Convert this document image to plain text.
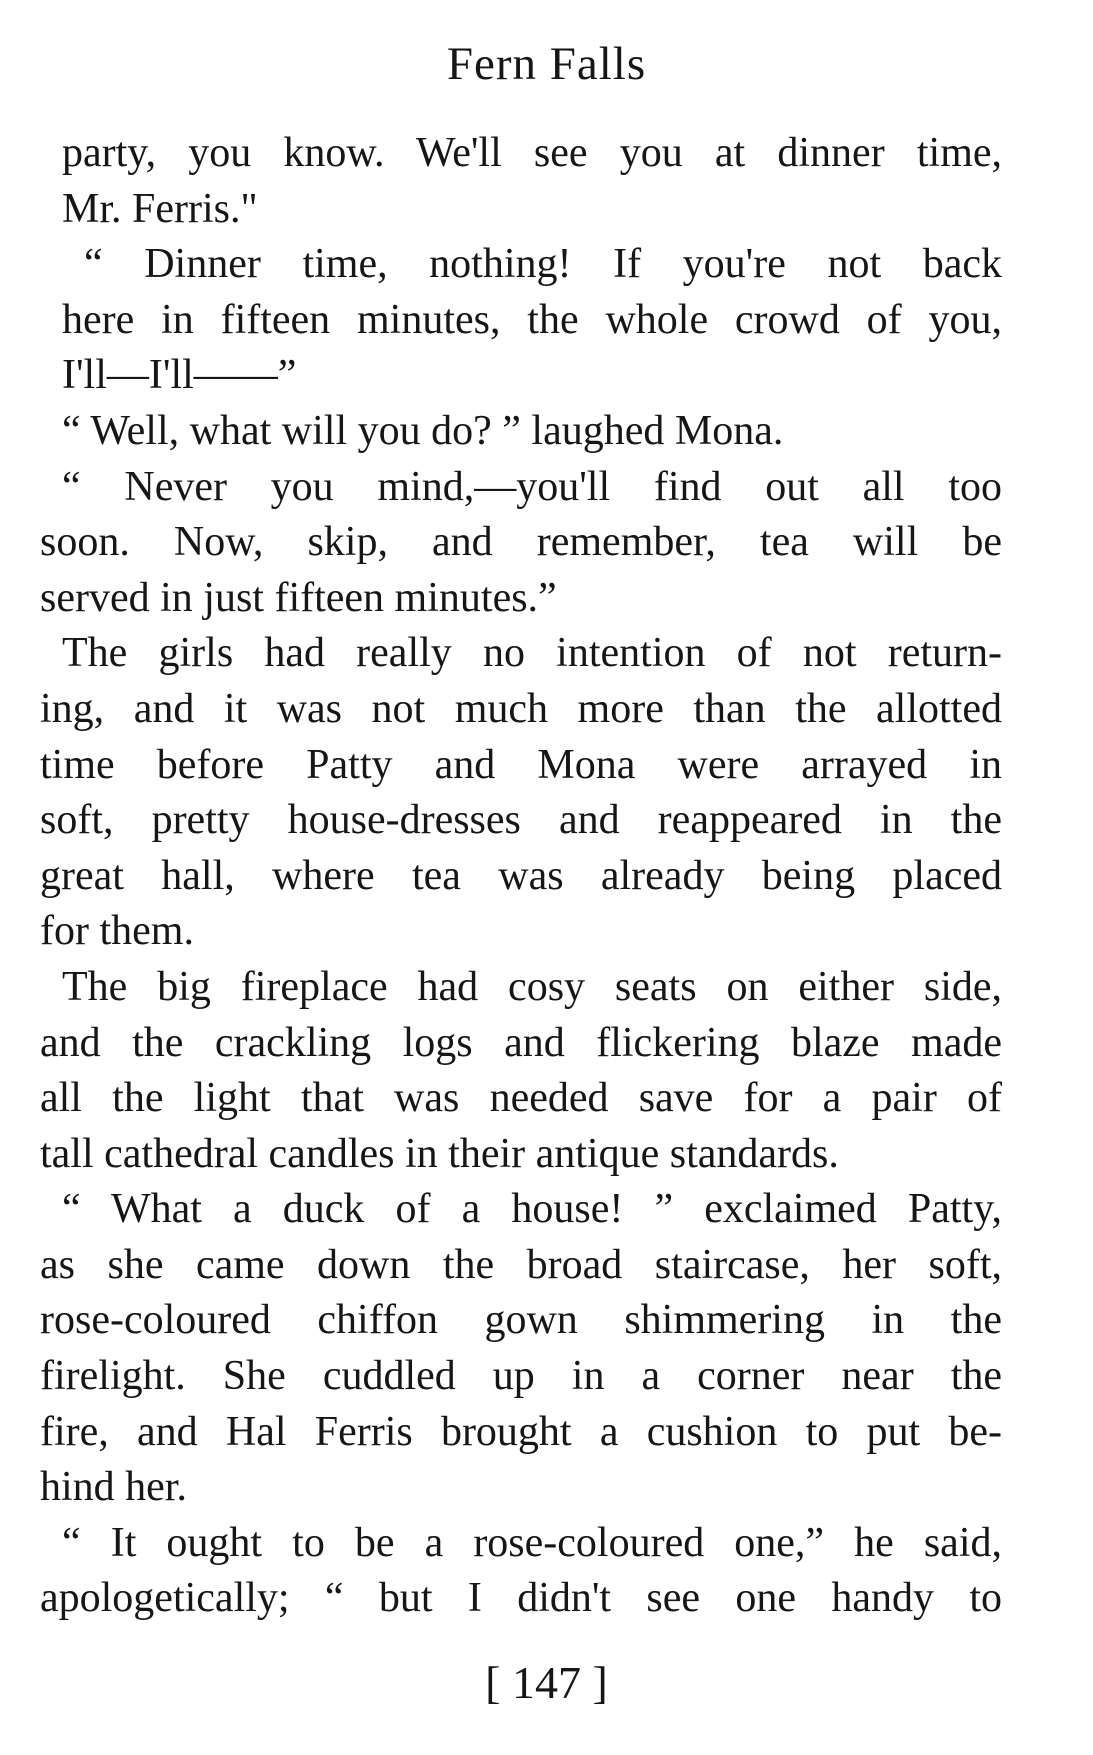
Fern Falls

party, you know. We'll see you at dinner time,
Mr. Ferris."

“ Dinner time, nothing! If you're not back
here in fifteen minutes, the whole crowd of you,
I'll—I'll——”

“ Well, what will you do? ” laughed Mona.

“ Never you mind,—you'll find out all too
soon. Now, skip, and remember, tea will be
served in just fifteen minutes.”

The girls had really no intention of not return-
ing, and it was not much more than the allotted
time before Patty and Mona were arrayed in
soft, pretty house-dresses and reappeared in the
great hall, where tea was already being placed
for them.

The big fireplace had cosy seats on either side,
and the crackling logs and flickering blaze made
all the light that was needed save for a pair of
tall cathedral candles in their antique standards.

“ What a duck of a house! ” exclaimed Patty,
as she came down the broad staircase, her soft,
rose-coloured chiffon gown shimmering in the
firelight. She cuddled up in a corner near the
fire, and Hal Ferris brought a cushion to put be-
hind her.

“ It ought to be a rose-coloured one,” he said,
apologetically; “ but I didn't see one handy to

[ 147 ]
